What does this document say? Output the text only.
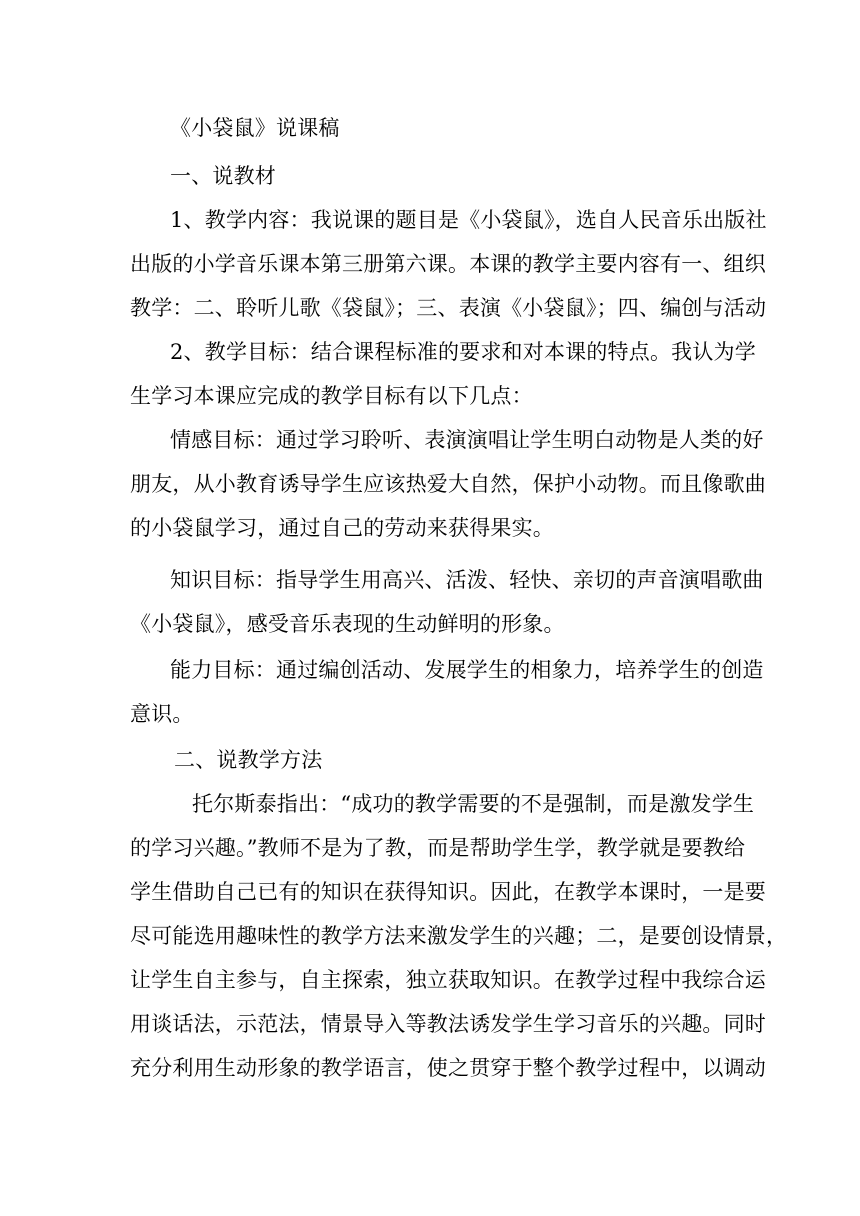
《小袋鼠》说课稿
一、说教材
1、教学内容：我说课的题目是《小袋鼠》，选自人民音乐出版社
出版的小学音乐课本第三册第六课。本课的教学主要内容有一、组织
教学：二、聆听儿歌《袋鼠》；三、表演《小袋鼠》；四、编创与活动
2、教学目标：结合课程标准的要求和对本课的特点。我认为学
生学习本课应完成的教学目标有以下几点：
情感目标：通过学习聆听、表演演唱让学生明白动物是人类的好
朋友，从小教育诱导学生应该热爱大自然，保护小动物。而且像歌曲
的小袋鼠学习，通过自己的劳动来获得果实。
知识目标：指导学生用高兴、活泼、轻快、亲切的声音演唱歌曲
《小袋鼠》，感受音乐表现的生动鲜明的形象。
能力目标：通过编创活动、发展学生的相象力，培养学生的创造
意识。
二、说教学方法
托尔斯泰指出：“成功的教学需要的不是强制，而是激发学生
的学习兴趣。”教师不是为了教，而是帮助学生学，教学就是要教给
学生借助自己已有的知识在获得知识。因此，在教学本课时，一是要
尽可能选用趣味性的教学方法来激发学生的兴趣；二，是要创设情景，
让学生自主参与，自主探索，独立获取知识。在教学过程中我综合运
用谈话法，示范法，情景导入等教法诱发学生学习音乐的兴趣。同时
充分利用生动形象的教学语言，使之贯穿于整个教学过程中，以调动
